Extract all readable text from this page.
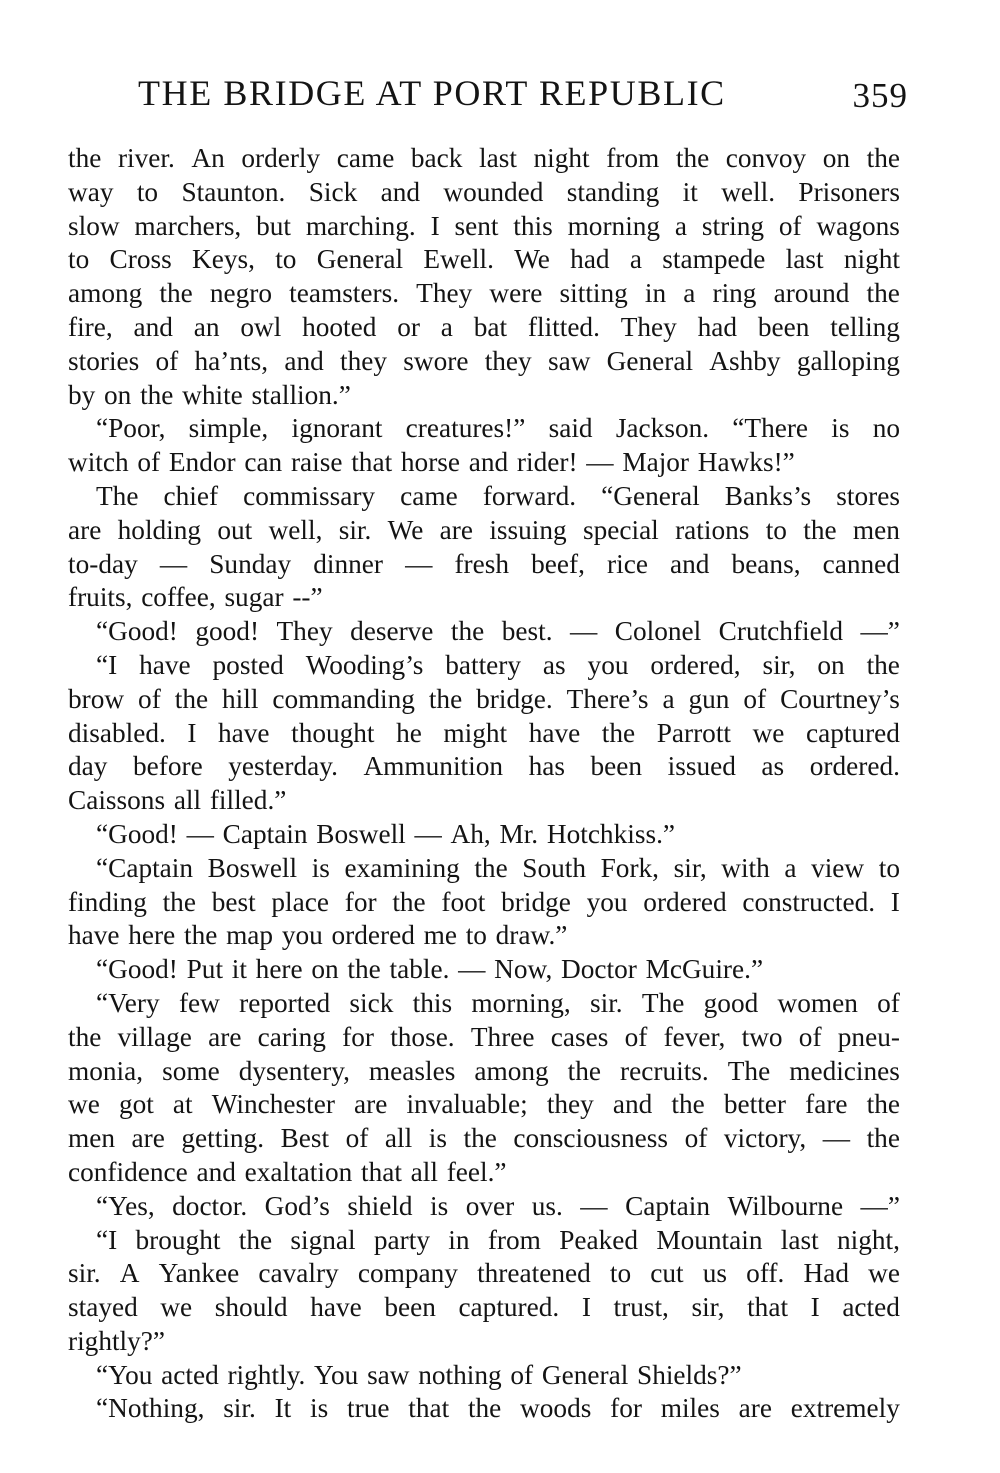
THE BRIDGE AT PORT REPUBLIC	359
the river. An orderly came back last night from the convoy on the
way to Staunton. Sick and wounded standing it well. Prisoners
slow marchers, but marching. I sent this morning a string of wagons
to Cross Keys, to General Ewell. We had a stampede last night
among the negro teamsters. They were sitting in a ring around the
fire, and an owl hooted or a bat flitted. They had been telling
stories of ha’nts, and they swore they saw General Ashby galloping
by on the white stallion.”
“Poor, simple, ignorant creatures!” said Jackson. “There is no
witch of Endor can raise that horse and rider! — Major Hawks!”
The chief commissary came forward. “General Banks’s stores
are holding out well, sir. We are issuing special rations to the men
to-day — Sunday dinner — fresh beef, rice and beans, canned
fruits, coffee, sugar --”
“Good! good! They deserve the best. — Colonel Crutchfield —”
“I have posted Wooding’s battery as you ordered, sir, on the
brow of the hill commanding the bridge. There’s a gun of Courtney’s
disabled. I have thought he might have the Parrott we captured
day before yesterday. Ammunition has been issued as ordered.
Caissons all filled.”
“Good! — Captain Boswell — Ah, Mr. Hotchkiss.”
“Captain Boswell is examining the South Fork, sir, with a view to
finding the best place for the foot bridge you ordered constructed. I
have here the map you ordered me to draw.”
“Good! Put it here on the table. — Now, Doctor McGuire.”
“Very few reported sick this morning, sir. The good women of
the village are caring for those. Three cases of fever, two of pneu-
monia, some dysentery, measles among the recruits. The medicines
we got at Winchester are invaluable; they and the better fare the
men are getting. Best of all is the consciousness of victory, — the
confidence and exaltation that all feel.”
“Yes, doctor. God’s shield is over us. — Captain Wilbourne —”
“I brought the signal party in from Peaked Mountain last night,
sir. A Yankee cavalry company threatened to cut us off. Had we
stayed we should have been captured. I trust, sir, that I acted
rightly?”
“You acted rightly. You saw nothing of General Shields?”
“Nothing, sir. It is true that the woods for miles are extremely
